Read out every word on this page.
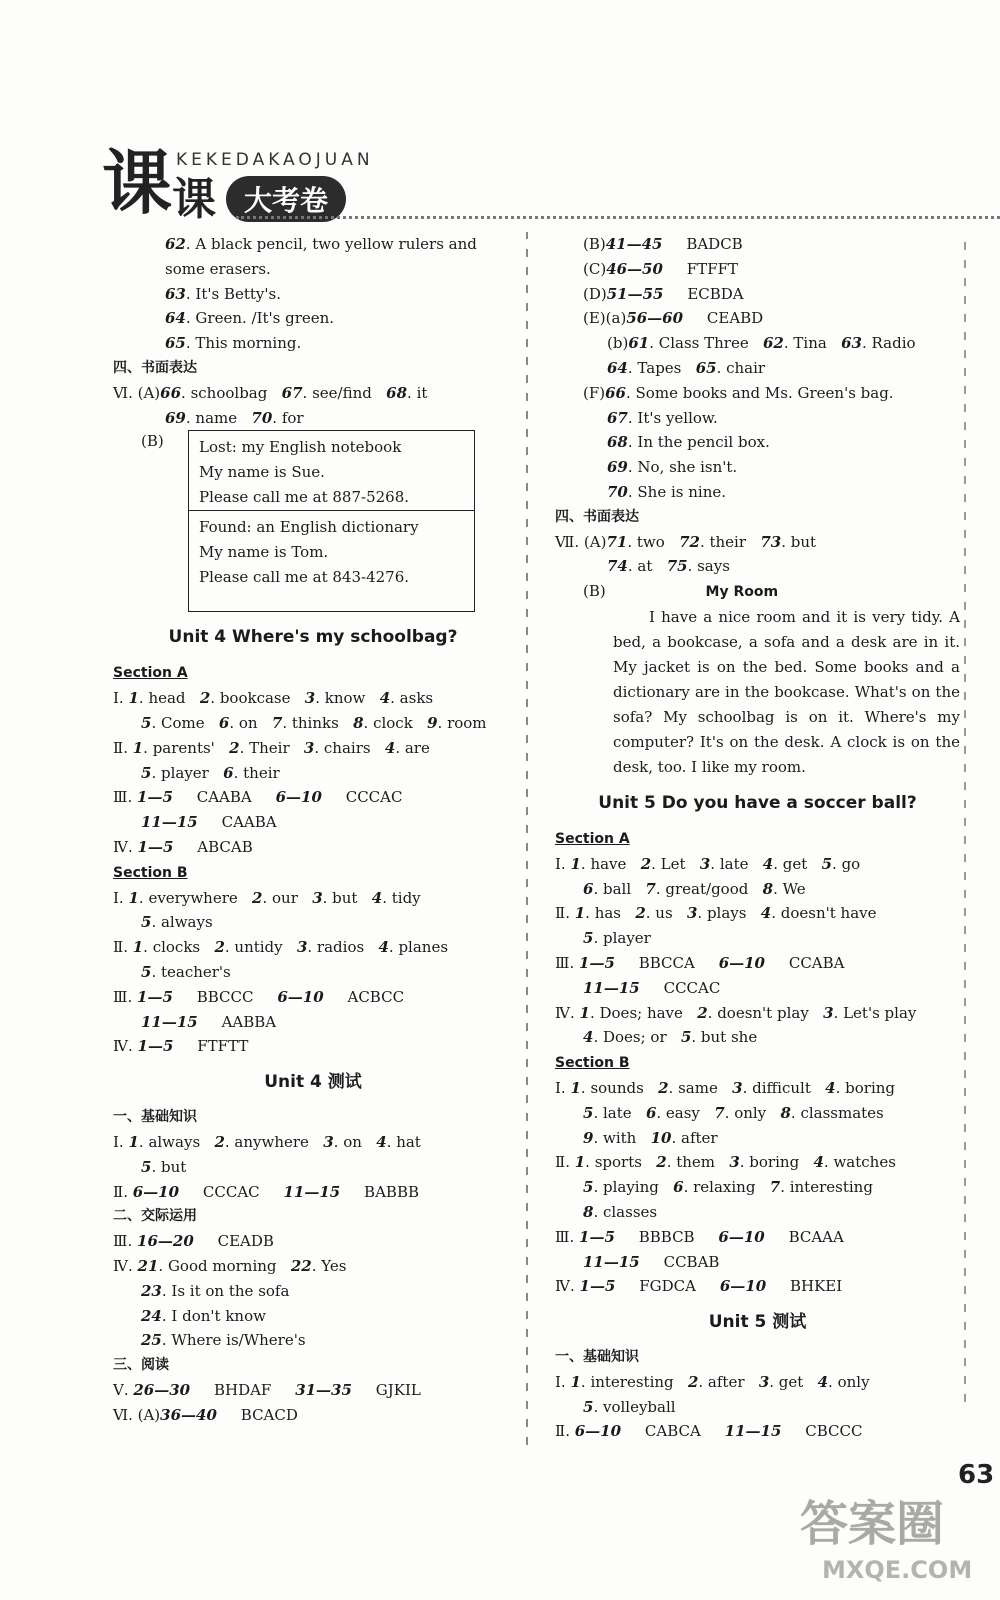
课 KEKEDAKAOJUAN
课 大考卷
62. A black pencil, two yellow rulers and
some erasers.
63. It's Betty's.
64. Green. /It's green.
65. This morning.
四、书面表达
Ⅵ. (A)66. schoolbag   67. see/find   68. it
69. name   70. for
(B) Lost: my English notebook
My name is Sue.
Please call me at 887-5268.
Found: an English dictionary
My name is Tom.
Please call me at 843-4276.
Unit 4 Where's my schoolbag?
Section A
Ⅰ. 1. head   2. bookcase   3. know   4. asks
5. Come   6. on   7. thinks   8. clock   9. room
Ⅱ. 1. parents'   2. Their   3. chairs   4. are
5. player   6. their
Ⅲ. 1—5     CAABA     6—10     CCCAC
11—15     CAABA
Ⅳ. 1—5     ABCAB
Section B
Ⅰ. 1. everywhere   2. our   3. but   4. tidy
5. always
Ⅱ. 1. clocks   2. untidy   3. radios   4. planes
5. teacher's
Ⅲ. 1—5     BBCCC     6—10     ACBCC
11—15     AABBA
Ⅳ. 1—5     FTFTT
Unit 4 测试
一、基础知识
Ⅰ. 1. always   2. anywhere   3. on   4. hat
5. but
Ⅱ. 6—10     CCCAC     11—15     BABBB
二、交际运用
Ⅲ. 16—20     CEADB
Ⅳ. 21. Good morning   22. Yes
23. Is it on the sofa
24. I don't know
25. Where is/Where's
三、阅读
Ⅴ. 26—30     BHDAF     31—35     GJKIL
Ⅵ. (A)36—40     BCACD
(B)41—45     BADCB
(C)46—50     FTFFT
(D)51—55     ECBDA
(E)(a)56—60     CEABD
(b)61. Class Three   62. Tina   63. Radio
64. Tapes   65. chair
(F)66. Some books and Ms. Green's bag.
67. It's yellow.
68. In the pencil box.
69. No, she isn't.
70. She is nine.
四、书面表达
Ⅶ. (A)71. two   72. their   73. but
74. at   75. says
(B)	My Room
I have a nice room and it is very tidy. A bed, a bookcase, a sofa and a desk are in it. My jacket is on the bed. Some books and a dictionary are in the bookcase. What's on the sofa? My schoolbag is on it. Where's my computer? It's on the desk. A clock is on the desk, too. I like my room.
Unit 5 Do you have a soccer ball?
Section A
Ⅰ. 1. have   2. Let   3. late   4. get   5. go
6. ball   7. great/good   8. We
Ⅱ. 1. has   2. us   3. plays   4. doesn't have
5. player
Ⅲ. 1—5     BBCCA     6—10     CCABA
11—15     CCCAC
Ⅳ. 1. Does; have   2. doesn't play   3. Let's play
4. Does; or   5. but she
Section B
Ⅰ. 1. sounds   2. same   3. difficult   4. boring
5. late   6. easy   7. only   8. classmates
9. with   10. after
Ⅱ. 1. sports   2. them   3. boring   4. watches
5. playing   6. relaxing   7. interesting
8. classes
Ⅲ. 1—5     BBBCB     6—10     BCAAA
11—15     CCBAB
Ⅳ. 1—5     FGDCA     6—10     BHKEI
Unit 5 测试
一、基础知识
Ⅰ. 1. interesting   2. after   3. get   4. only
5. volleyball
Ⅱ. 6—10     CABCA     11—15     CBCCC
63
答案圈
MXQE.COM
